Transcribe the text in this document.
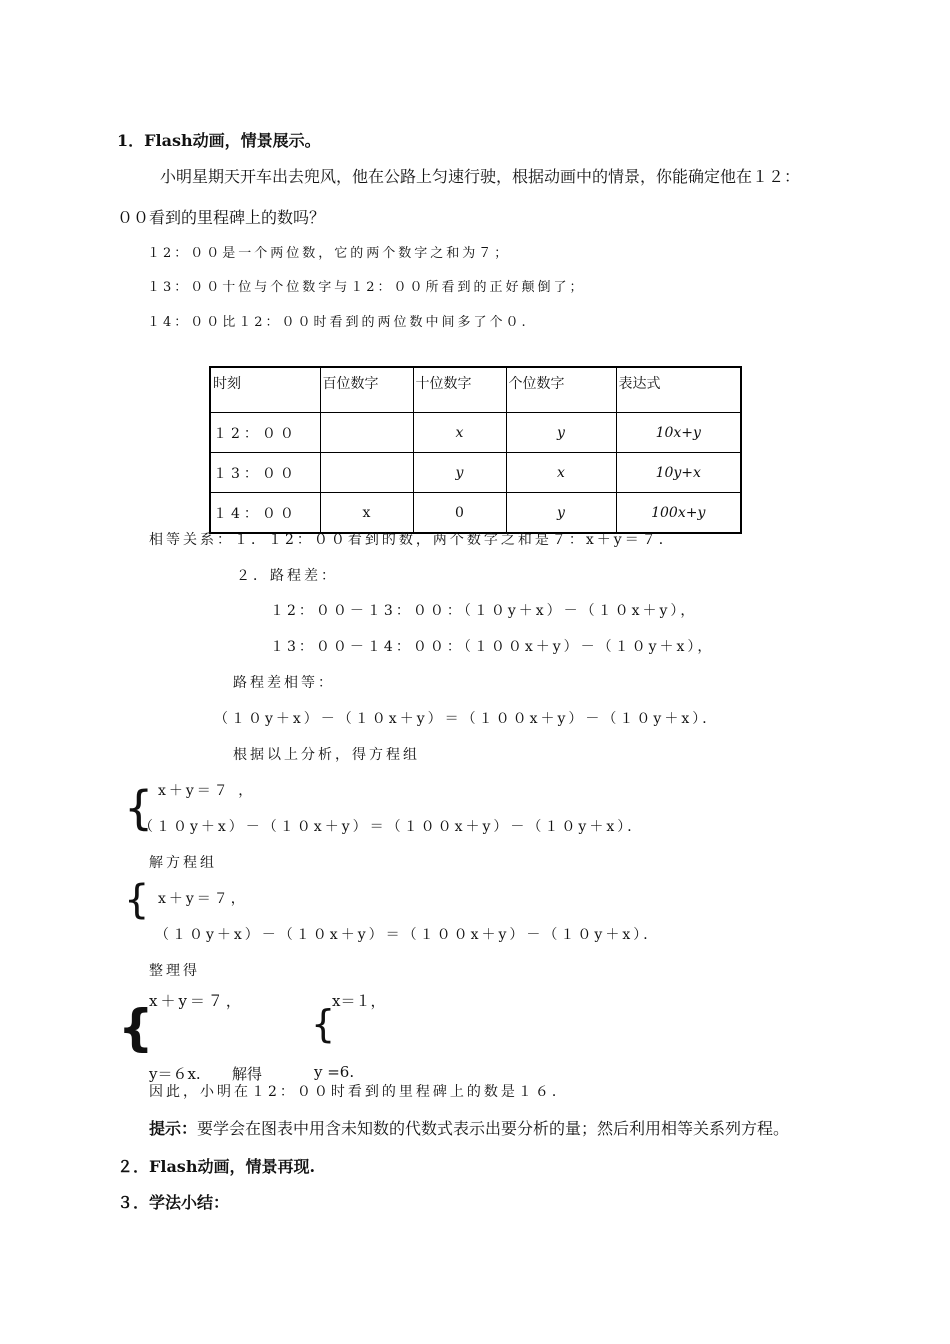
1．Flash动画，情景展示。
小明星期天开车出去兜风，他在公路上匀速行驶，根据动画中的情景，你能确定他在１２：
００看到的里程碑上的数吗？
１2：００是一个两位数，它的两个数字之和为７；
１3：００十位与个位数字与１2：００所看到的正好颠倒了；
１4：００比１2：００时看到的两位数中间多了个０.
时刻	百位数字	十位数字	个位数字	表达式
１2：００		x	y	10x+y
１3：００		y	x	10y+x
１4：００	x	0	y	100x+y
相等关系：１．１2：００看到的数，两个数字之和是７：x＋y＝７．
２．路程差：
１2：００－１3：００：（１０y＋x）－（１０x＋y），
１3：００－１4：００：（１００x＋y）－（１０y＋x），
路程差相等：
（１０y＋x）－（１０x＋y）＝（１００x＋y）－（１０y＋x）．
根据以上分析，得方程组
{ x＋y＝７ ，
（１０y＋x）－（１０x＋y）＝（１００x＋y）－（１０y＋x）．
解方程组
{ x＋y＝７，
（１０y＋x）－（１０x＋y）＝（１００x＋y）－（１０y＋x）．
整理得
x＋y＝７，
{
y＝６x. 解得
x＝１，
{
y =6.
因此，小明在１2：００时看到的里程碑上的数是１６．
提示：要学会在图表中用含未知数的代数式表示出要分析的量；然后利用相等关系列方程。
２．Flash动画，情景再现.
３．学法小结：
